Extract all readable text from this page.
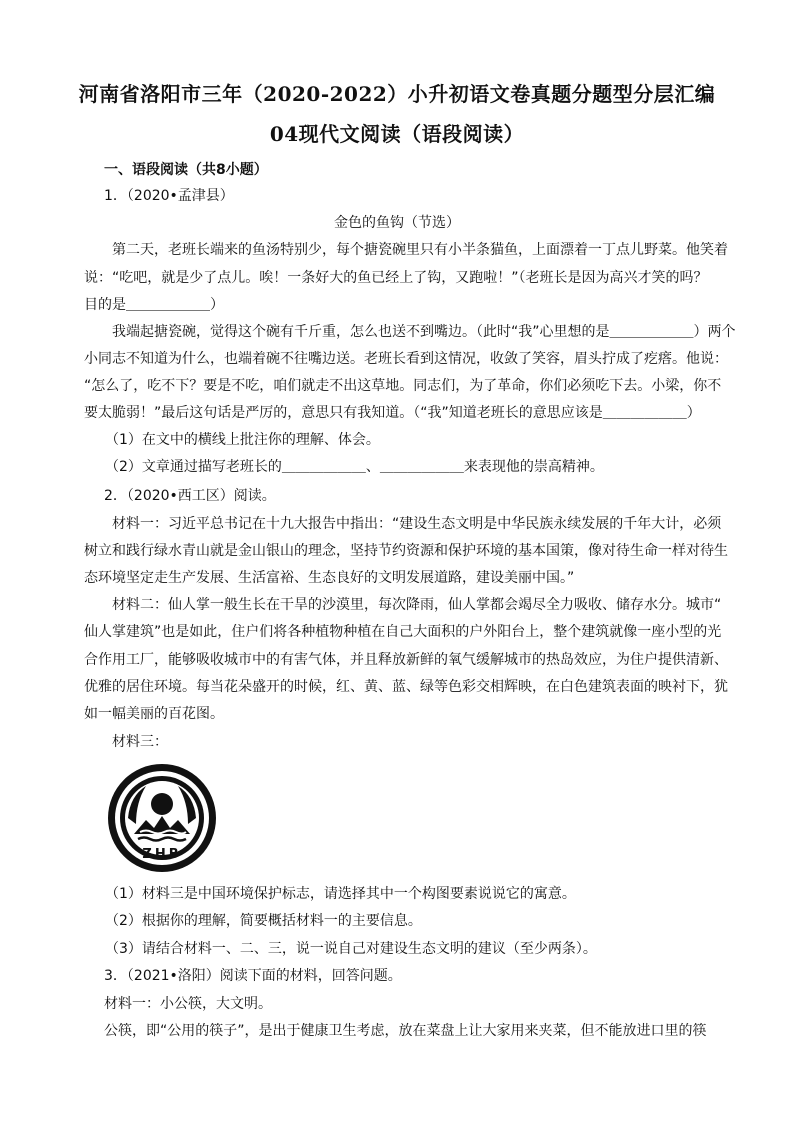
河南省洛阳市三年（2020-2022）小升初语文卷真题分题型分层汇编
04现代文阅读（语段阅读）
一、语段阅读（共8小题）
1．（2020•孟津县）
金色的鱼钩（节选）
　　第二天，老班长端来的鱼汤特别少，每个搪瓷碗里只有小半条猫鱼，上面漂着一丁点儿野菜。他笑着
说：“吃吧，就是少了点儿。唉！一条好大的鱼已经上了钩，又跑啦！”（老班长是因为高兴才笑的吗？
目的是＿＿＿＿＿＿）
　　我端起搪瓷碗，觉得这个碗有千斤重，怎么也送不到嘴边。（此时“我”心里想的是＿＿＿＿＿＿）两个
小同志不知道为什么，也端着碗不往嘴边送。老班长看到这情况，收敛了笑容，眉头拧成了疙瘩。他说：
“怎么了，吃不下？要是不吃，咱们就走不出这草地。同志们，为了革命，你们必须吃下去。小梁，你不
要太脆弱！”最后这句话是严厉的，意思只有我知道。（“我”知道老班长的意思应该是＿＿＿＿＿＿）
　　（1）在文中的横线上批注你的理解、体会。
　　（2）文章通过描写老班长的＿＿＿＿＿＿、＿＿＿＿＿＿来表现他的崇高精神。
2．（2020•西工区）阅读。
　　材料一：习近平总书记在十九大报告中指出：“建设生态文明是中华民族永续发展的千年大计，必须
树立和践行绿水青山就是金山银山的理念，坚持节约资源和保护环境的基本国策，像对待生命一样对待生
态环境坚定走生产发展、生活富裕、生态良好的文明发展道路，建设美丽中国。”
　　材料二：仙人掌一般生长在干旱的沙漠里，每次降雨，仙人掌都会竭尽全力吸收、储存水分。城市“
仙人掌建筑”也是如此，住户们将各种植物种植在自己大面积的户外阳台上，整个建筑就像一座小型的光
合作用工厂，能够吸收城市中的有害气体，并且释放新鲜的氧气缓解城市的热岛效应，为住户提供清新、
优雅的居住环境。每当花朵盛开的时候，红、黄、蓝、绿等色彩交相辉映，在白色建筑表面的映衬下，犹
如一幅美丽的百花图。
　　材料三：
ZHB
　　（1）材料三是中国环境保护标志，请选择其中一个构图要素说说它的寓意。
　　（2）根据你的理解，简要概括材料一的主要信息。
　　（3）请结合材料一、二、三，说一说自己对建设生态文明的建议（至少两条）。
3．（2021•洛阳）阅读下面的材料，回答问题。
材料一：小公筷，大文明。
公筷，即“公用的筷子”，是出于健康卫生考虑，放在菜盘上让大家用来夹菜，但不能放进口里的筷
